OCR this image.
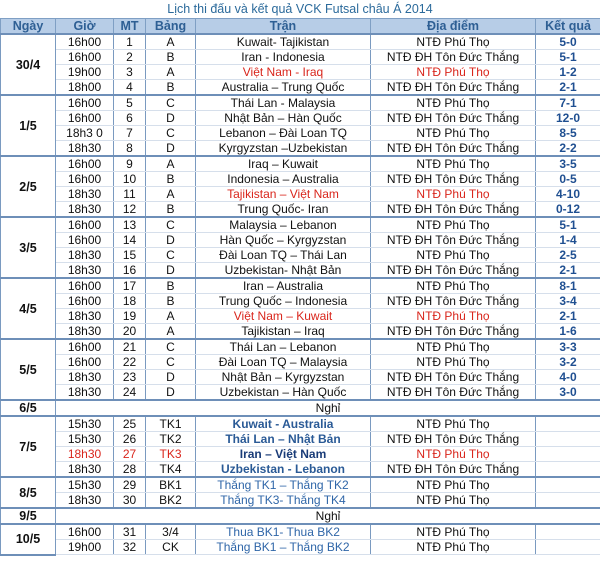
Lịch thi đấu và kết quả VCK Futsal châu Á 2014
Ngày	Giờ	MT	Bảng	Trận	Địa điểm	Kết quả
30/4	16h00	1	A	Kuwait- Tajikistan	NTĐ Phú Thọ	5-0
	16h00	2	B	Iran - Indonesia	NTĐ ĐH Tôn Đức Thắng	5-1
	19h00	3	A	Việt Nam - Iraq	NTĐ Phú Thọ	1-2
	18h00	4	B	Australia – Trung Quốc	NTĐ ĐH Tôn Đức Thắng	2-1
1/5	16h00	5	C	Thái Lan - Malaysia	NTĐ Phú Thọ	7-1
	16h00	6	D	Nhật Bản – Hàn Quốc	NTĐ ĐH Tôn Đức Thắng	12-0
	18h3 0	7	C	Lebanon – Đài Loan TQ	NTĐ Phú Thọ	8-5
	18h30	8	D	Kyrgyzstan –Uzbekistan	NTĐ ĐH Tôn Đức Thắng	2-2
2/5	16h00	9	A	Iraq – Kuwait	NTĐ Phú Thọ	3-5
	16h00	10	B	Indonesia – Australia	NTĐ ĐH Tôn Đức Thắng	0-5
	18h30	11	A	Tajikistan – Việt Nam	NTĐ Phú Thọ	4-10
	18h30	12	B	Trung Quốc- Iran	NTĐ ĐH Tôn Đức Thắng	0-12
3/5	16h00	13	C	Malaysia – Lebanon	NTĐ Phú Thọ	5-1
	16h00	14	D	Hàn Quốc – Kyrgyzstan	NTĐ ĐH Tôn Đức Thắng	1-4
	18h30	15	C	Đài Loan TQ – Thái Lan	NTĐ Phú Thọ	2-5
	18h30	16	D	Uzbekistan- Nhật Bản	NTĐ ĐH Tôn Đức Thắng	2-1
4/5	16h00	17	B	Iran – Australia	NTĐ Phú Thọ	8-1
	16h00	18	B	Trung Quốc – Indonesia	NTĐ ĐH Tôn Đức Thắng	3-4
	18h30	19	A	Việt Nam – Kuwait	NTĐ Phú Thọ	2-1
	18h30	20	A	Tajikistan – Iraq	NTĐ ĐH Tôn Đức Thắng	1-6
5/5	16h00	21	C	Thái Lan – Lebanon	NTĐ Phú Thọ	3-3
	16h00	22	C	Đài Loan TQ – Malaysia	NTĐ Phú Thọ	3-2
	18h30	23	D	Nhật Bản – Kyrgyzstan	NTĐ ĐH Tôn Đức Thắng	4-0
	18h30	24	D	Uzbekistan – Hàn Quốc	NTĐ ĐH Tôn Đức Thắng	3-0
6/5	Nghỉ					
7/5	15h30	25	TK1	Kuwait - Australia	NTĐ Phú Thọ	
	15h30	26	TK2	Thái Lan – Nhật Bản	NTĐ ĐH Tôn Đức Thắng	
	18h30	27	TK3	Iran – Việt Nam	NTĐ Phú Thọ	
	18h30	28	TK4	Uzbekistan - Lebanon	NTĐ ĐH Tôn Đức Thắng	
8/5	15h30	29	BK1	Thắng TK1 – Thắng TK2	NTĐ Phú Thọ	
	18h30	30	BK2	Thắng TK3- Thắng TK4	NTĐ Phú Thọ	
9/5	Nghỉ					
10/5	16h00	31	3/4	Thua BK1- Thua BK2	NTĐ Phú Thọ	
	19h00	32	CK	Thắng BK1 – Thắng BK2	NTĐ Phú Thọ	
